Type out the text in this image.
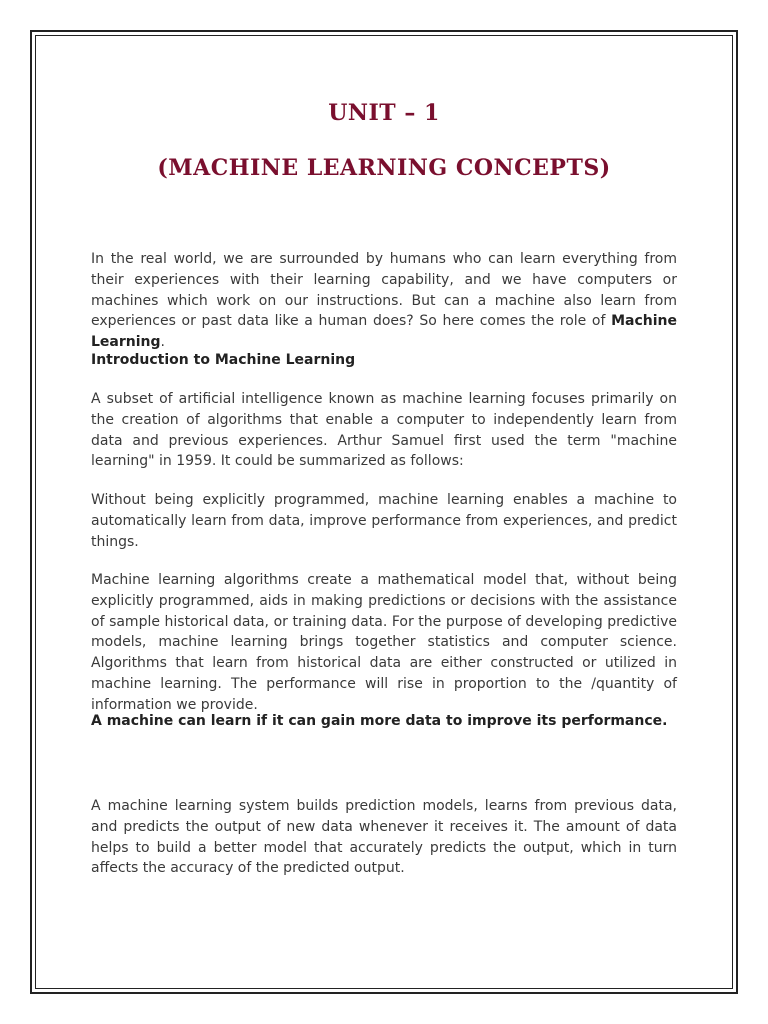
UNIT – 1
(MACHINE LEARNING CONCEPTS)

In the real world, we are surrounded by humans who can learn everything from their experiences with their learning capability, and we have computers or machines which work on our instructions. But can a machine also learn from experiences or past data like a human does? So here comes the role of Machine Learning.

Introduction to Machine Learning

A subset of artificial intelligence known as machine learning focuses primarily on the creation of algorithms that enable a computer to independently learn from data and previous experiences. Arthur Samuel first used the term "machine learning" in 1959. It could be summarized as follows:

Without being explicitly programmed, machine learning enables a machine to automatically learn from data, improve performance from experiences, and predict things.

Machine learning algorithms create a mathematical model that, without being explicitly programmed, aids in making predictions or decisions with the assistance of sample historical data, or training data. For the purpose of developing predictive models, machine learning brings together statistics and computer science. Algorithms that learn from historical data are either constructed or utilized in machine learning. The performance will rise in proportion to the /quantity of information we provide.

A machine can learn if it can gain more data to improve its performance.

A machine learning system builds prediction models, learns from previous data, and predicts the output of new data whenever it receives it. The amount of data helps to build a better model that accurately predicts the output, which in turn affects the accuracy of the predicted output.
